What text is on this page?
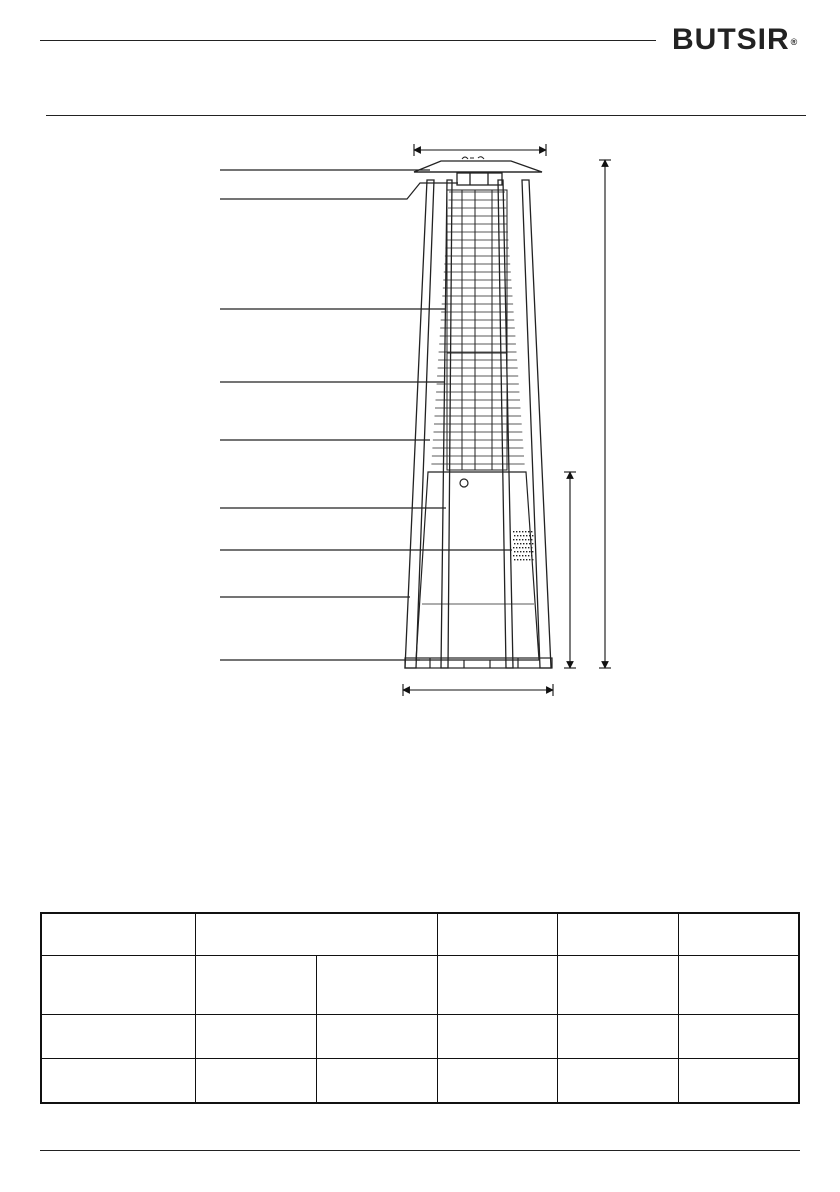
BUTSIR®
